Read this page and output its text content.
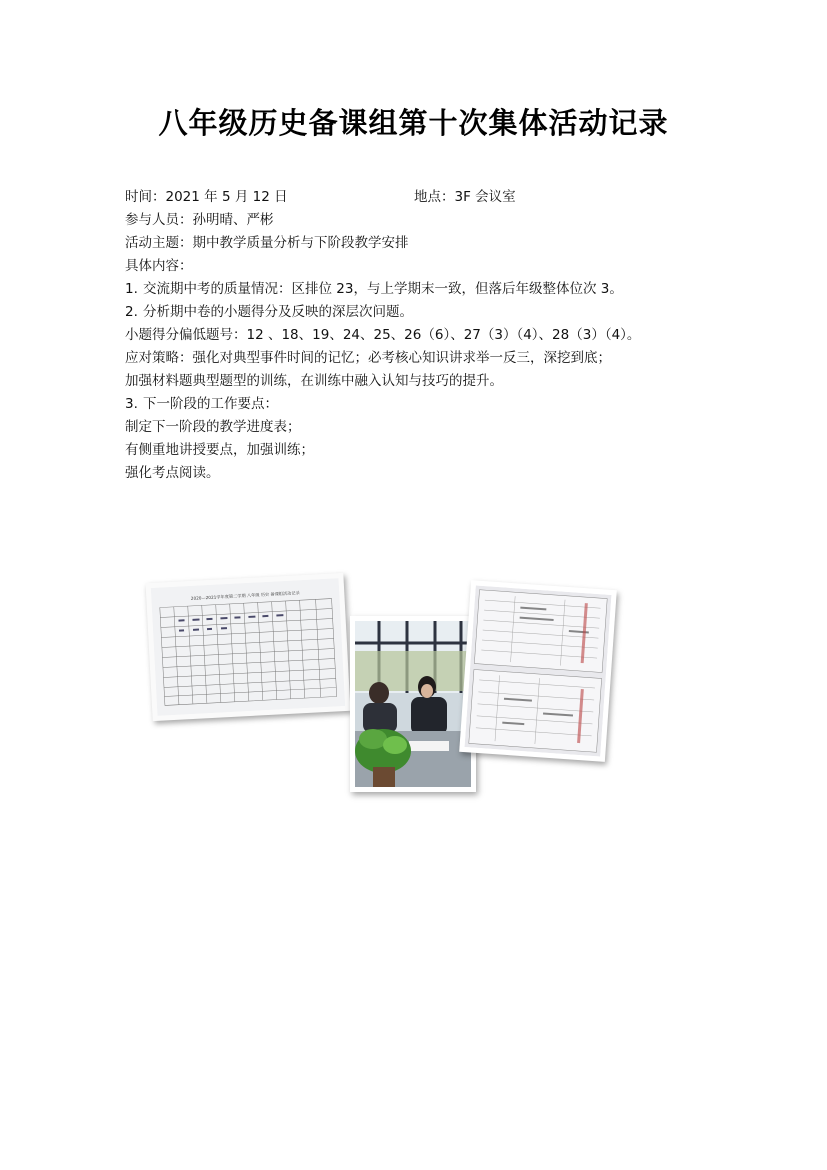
八年级历史备课组第十次集体活动记录
时间：2021 年 5 月 12 日	地点：3F 会议室
参与人员：孙明晴、严彬
活动主题：期中教学质量分析与下阶段教学安排
具体内容：
1. 交流期中考的质量情况：区排位 23，与上学期末一致，但落后年级整体位次 3。
2. 分析期中卷的小题得分及反映的深层次问题。
小题得分偏低题号：12 、18、19、24、25、26（6）、27（3）（4）、28（3）（4）。
应对策略：强化对典型事件时间的记忆；必考核心知识讲求举一反三，深挖到底；
加强材料题典型题型的训练，在训练中融入认知与技巧的提升。
3. 下一阶段的工作要点：
制定下一阶段的教学进度表；
有侧重地讲授要点，加强训练；
强化考点阅读。
2020—2021学年度第二学期 八年级 历史 备课组活动记录
